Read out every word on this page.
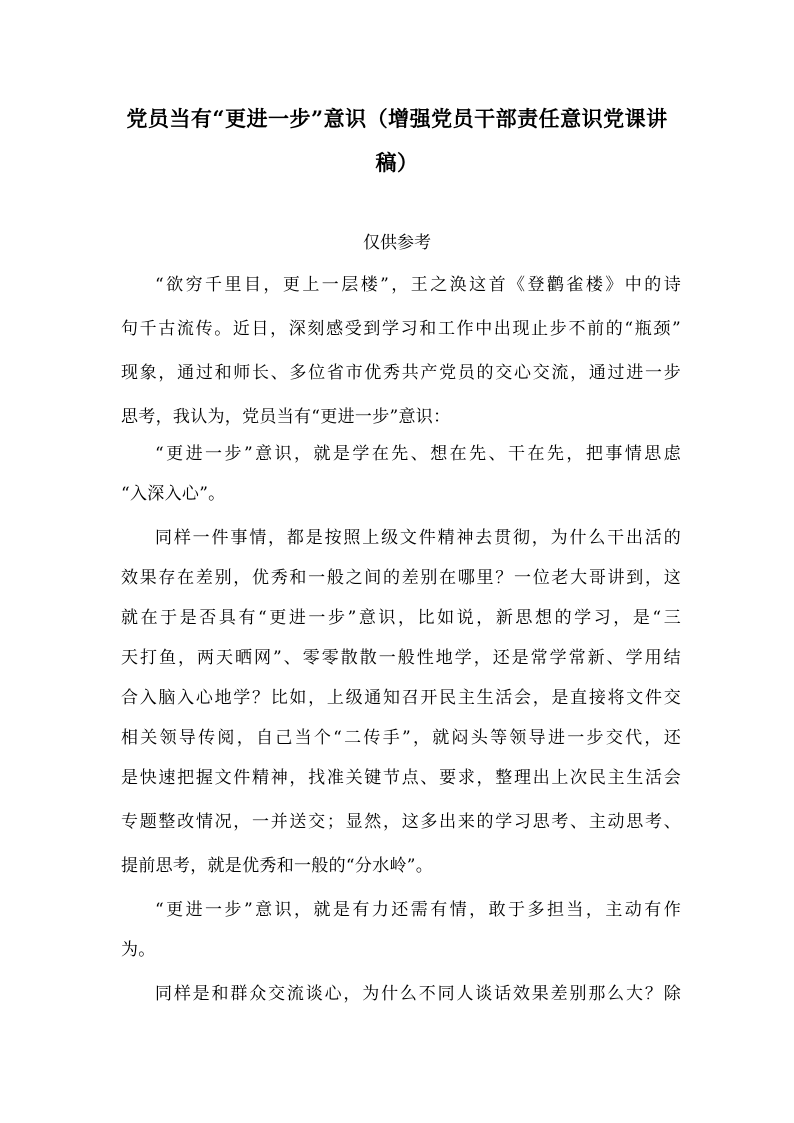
党员当有“更进一步”意识（增强党员干部责任意识党课讲
稿）
仅供参考
“欲穷千里目，更上一层楼”，王之涣这首《登鹳雀楼》中的诗
句千古流传。近日，深刻感受到学习和工作中出现止步不前的“瓶颈”
现象，通过和师长、多位省市优秀共产党员的交心交流，通过进一步
思考，我认为，党员当有“更进一步”意识：
“更进一步”意识，就是学在先、想在先、干在先，把事情思虑
“入深入心”。
同样一件事情，都是按照上级文件精神去贯彻，为什么干出活的
效果存在差别，优秀和一般之间的差别在哪里？一位老大哥讲到，这
就在于是否具有“更进一步”意识，比如说，新思想的学习，是“三
天打鱼，两天晒网”、零零散散一般性地学，还是常学常新、学用结
合入脑入心地学？比如，上级通知召开民主生活会，是直接将文件交
相关领导传阅，自己当个“二传手”，就闷头等领导进一步交代，还
是快速把握文件精神，找准关键节点、要求，整理出上次民主生活会
专题整改情况，一并送交；显然，这多出来的学习思考、主动思考、
提前思考，就是优秀和一般的“分水岭”。
“更进一步”意识，就是有力还需有情，敢于多担当，主动有作
为。
同样是和群众交流谈心，为什么不同人谈话效果差别那么大？除
